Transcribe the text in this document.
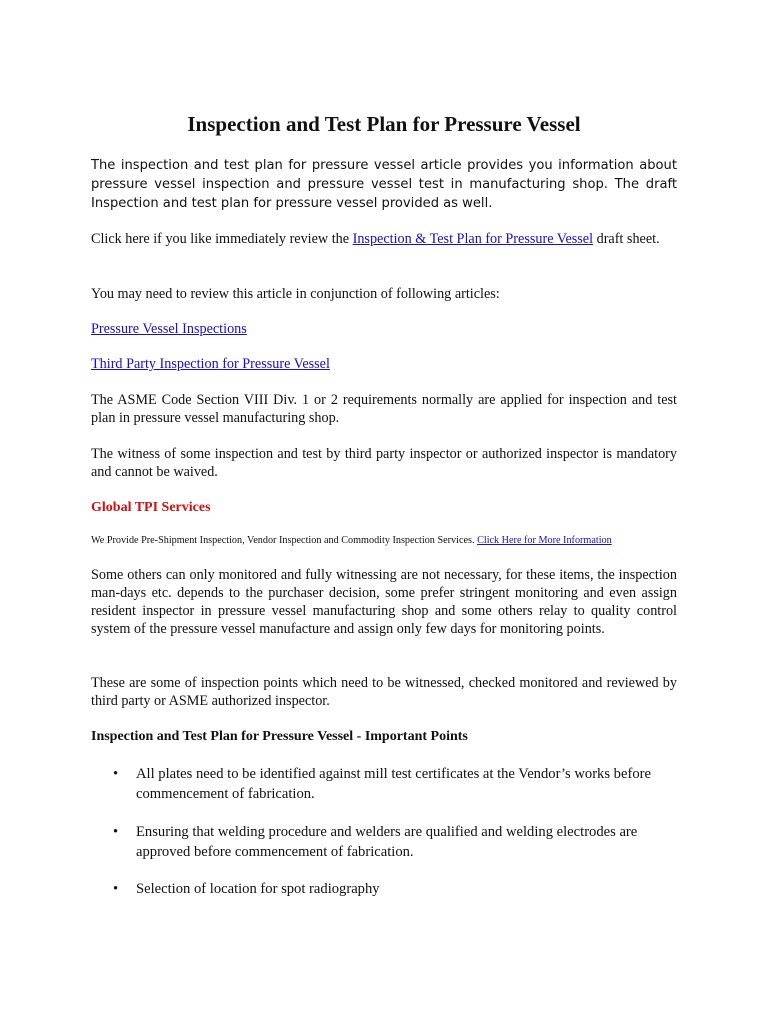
Inspection and Test Plan for Pressure Vessel

The inspection and test plan for pressure vessel article provides you information about pressure vessel inspection and pressure vessel test in manufacturing shop. The draft Inspection and test plan for pressure vessel provided as well.

Click here if you like immediately review the Inspection & Test Plan for Pressure Vessel draft sheet.

You may need to review this article in conjunction of following articles:

Pressure Vessel Inspections

Third Party Inspection for Pressure Vessel

The ASME Code Section VIII Div. 1 or 2 requirements normally are applied for inspection and test plan in pressure vessel manufacturing shop.

The witness of some inspection and test by third party inspector or authorized inspector is mandatory and cannot be waived.

Global TPI Services

We Provide Pre-Shipment Inspection, Vendor Inspection and Commodity Inspection Services. Click Here for More Information

Some others can only monitored and fully witnessing are not necessary, for these items, the inspection man-days etc. depends to the purchaser decision, some prefer stringent monitoring and even assign resident inspector in pressure vessel manufacturing shop and some others relay to quality control system of the pressure vessel manufacture and assign only few days for monitoring points.

These are some of inspection points which need to be witnessed, checked monitored and reviewed by third party or ASME authorized inspector.

Inspection and Test Plan for Pressure Vessel - Important Points

•	All plates need to be identified against mill test certificates at the Vendor’s works before commencement of fabrication.
•	Ensuring that welding procedure and welders are qualified and welding electrodes are approved before commencement of fabrication.
•	Selection of location for spot radiography
